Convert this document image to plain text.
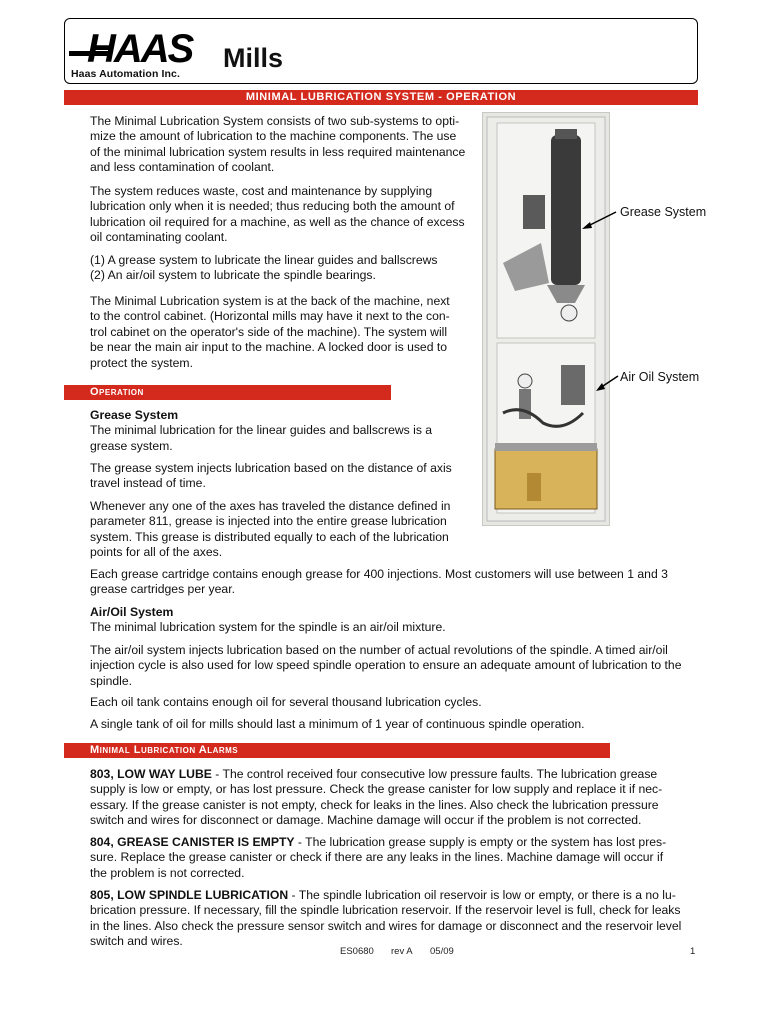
HAAS
Haas Automation Inc.
Mills
MINIMAL LUBRICATION SYSTEM - OPERATION

The Minimal Lubrication System consists of two sub-systems to opti-
mize the amount of lubrication to the machine components. The use
of the minimal lubrication system results in less required maintenance
and less contamination of coolant.

The system reduces waste, cost and maintenance by supplying
lubrication only when it is needed; thus reducing both the amount of
lubrication oil required for a machine, as well as the chance of excess
oil contaminating coolant.

(1) A grease system to lubricate the linear guides and ballscrews
(2) An air/oil system to lubricate the spindle bearings.

The Minimal Lubrication system is at the back of the machine, next
to the control cabinet. (Horizontal mills may have it next to the con-
trol cabinet on the operator's side of the machine). The system will
be near the main air input to the machine. A locked door is used to
protect the system.

Grease System
Air Oil System
Operation

Grease System
The minimal lubrication for the linear guides and ballscrews is a
grease system.

The grease system injects lubrication based on the distance of axis
travel instead of time.

Whenever any one of the axes has traveled the distance defined in
parameter 811, grease is injected into the entire grease lubrication
system. This grease is distributed equally to each of the lubrication
points for all of the axes.

Each grease cartridge contains enough grease for 400 injections. Most customers will use between 1 and 3
grease cartridges per year.

Air/Oil System
The minimal lubrication system for the spindle is an air/oil mixture.

The air/oil system injects lubrication based on the number of actual revolutions of the spindle. A timed air/oil
injection cycle is also used for low speed spindle operation to ensure an adequate amount of lubrication to the
spindle.

Each oil tank contains enough oil for several thousand lubrication cycles.

A single tank of oil for mills should last a minimum of 1 year of continuous spindle operation.

Minimal Lubrication Alarms

803, LOW WAY LUBE - The control received four consecutive low pressure faults. The lubrication grease
supply is low or empty, or has lost pressure. Check the grease canister for low supply and replace it if nec-
essary. If the grease canister is not empty, check for leaks in the lines. Also check the lubrication pressure
switch and wires for disconnect or damage. Machine damage will occur if the problem is not corrected.

804, GREASE CANISTER IS EMPTY - The lubrication grease supply is empty or the system has lost pres-
sure. Replace the grease canister or check if there are any leaks in the lines. Machine damage will occur if
the problem is not corrected.

805, LOW SPINDLE LUBRICATION - The spindle lubrication oil reservoir is low or empty, or there is a no lu-
brication pressure. If necessary, fill the spindle lubrication reservoir. If the reservoir level is full, check for leaks
in the lines. Also check the pressure sensor switch and wires for damage or disconnect and the reservoir level
switch and wires.

ES0680 rev A 05/09	1
